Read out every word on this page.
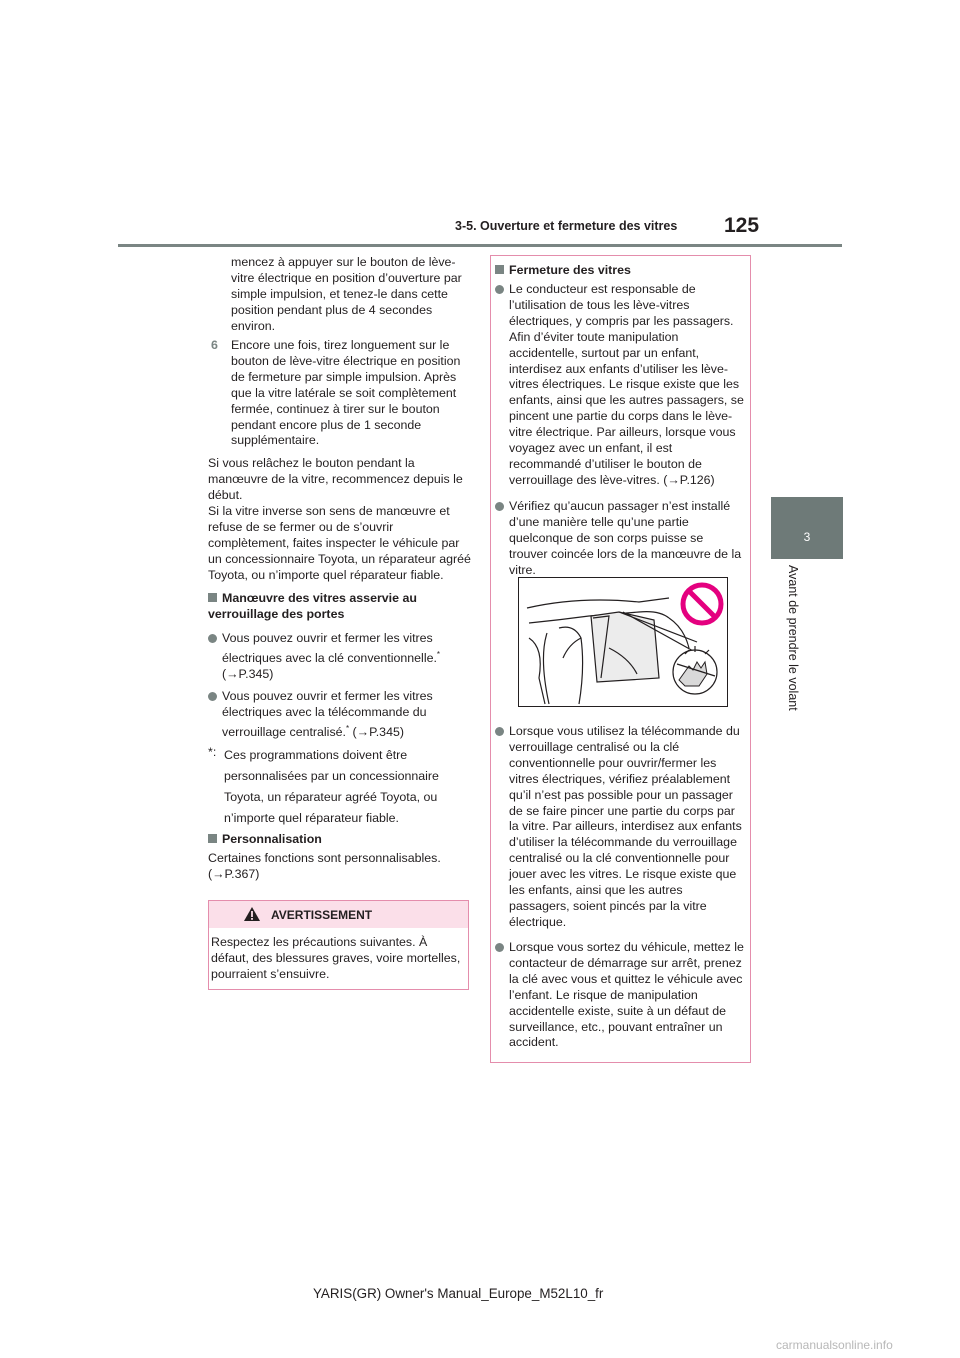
3-5. Ouverture et fermeture des vitres 125
3
Avant de prendre le volant
mencez à appuyer sur le bouton de lève-vitre électrique en position d’ouverture par simple impulsion, et tenez-le dans cette position pendant plus de 4 secondes environ.
6 Encore une fois, tirez longuement sur le bouton de lève-vitre électrique en position de fermeture par simple impulsion. Après que la vitre latérale se soit complètement fermée, continuez à tirer sur le bouton pendant encore plus de 1 seconde supplémentaire.
Si vous relâchez le bouton pendant la manœuvre de la vitre, recommencez depuis le début.
Si la vitre inverse son sens de manœuvre et refuse de se fermer ou de s’ouvrir complètement, faites inspecter le véhicule par un concessionnaire Toyota, un réparateur agréé Toyota, ou n’importe quel réparateur fiable.
Manœuvre des vitres asservie au verrouillage des portes
Vous pouvez ouvrir et fermer les vitres électriques avec la clé conventionnelle.*
(→P.345)
Vous pouvez ouvrir et fermer les vitres électriques avec la télécommande du verrouillage centralisé.* (→P.345)
*: Ces programmations doivent être personnalisées par un concessionnaire Toyota, un réparateur agréé Toyota, ou n’importe quel réparateur fiable.
Personnalisation
Certaines fonctions sont personnalisables.
(→P.367)
AVERTISSEMENT
Respectez les précautions suivantes. À défaut, des blessures graves, voire mortelles, pourraient s’ensuivre.
Fermeture des vitres
Le conducteur est responsable de l’utilisation de tous les lève-vitres électriques, y compris par les passagers. Afin d’éviter toute manipulation accidentelle, surtout par un enfant, interdisez aux enfants d’utiliser les lève-vitres électriques. Le risque existe que les enfants, ainsi que les autres passagers, se pincent une partie du corps dans le lève-vitre électrique. Par ailleurs, lorsque vous voyagez avec un enfant, il est recommandé d’utiliser le bouton de verrouillage des lève-vitres. (→P.126)
Vérifiez qu’aucun passager n’est installé d’une manière telle qu’une partie quelconque de son corps puisse se trouver coincée lors de la manœuvre de la vitre.
Lorsque vous utilisez la télécommande du verrouillage centralisé ou la clé conventionnelle pour ouvrir/fermer les vitres électriques, vérifiez préalablement qu’il n’est pas possible pour un passager de se faire pincer une partie du corps par la vitre. Par ailleurs, interdisez aux enfants d’utiliser la télécommande du verrouillage centralisé ou la clé conventionnelle pour jouer avec les vitres. Le risque existe que les enfants, ainsi que les autres passagers, soient pincés par la vitre électrique.
Lorsque vous sortez du véhicule, mettez le contacteur de démarrage sur arrêt, prenez la clé avec vous et quittez le véhicule avec l’enfant. Le risque de manipulation accidentelle existe, suite à un défaut de surveillance, etc., pouvant entraîner un accident.
YARIS(GR) Owner's Manual_Europe_M52L10_fr
carmanualsonline.info
